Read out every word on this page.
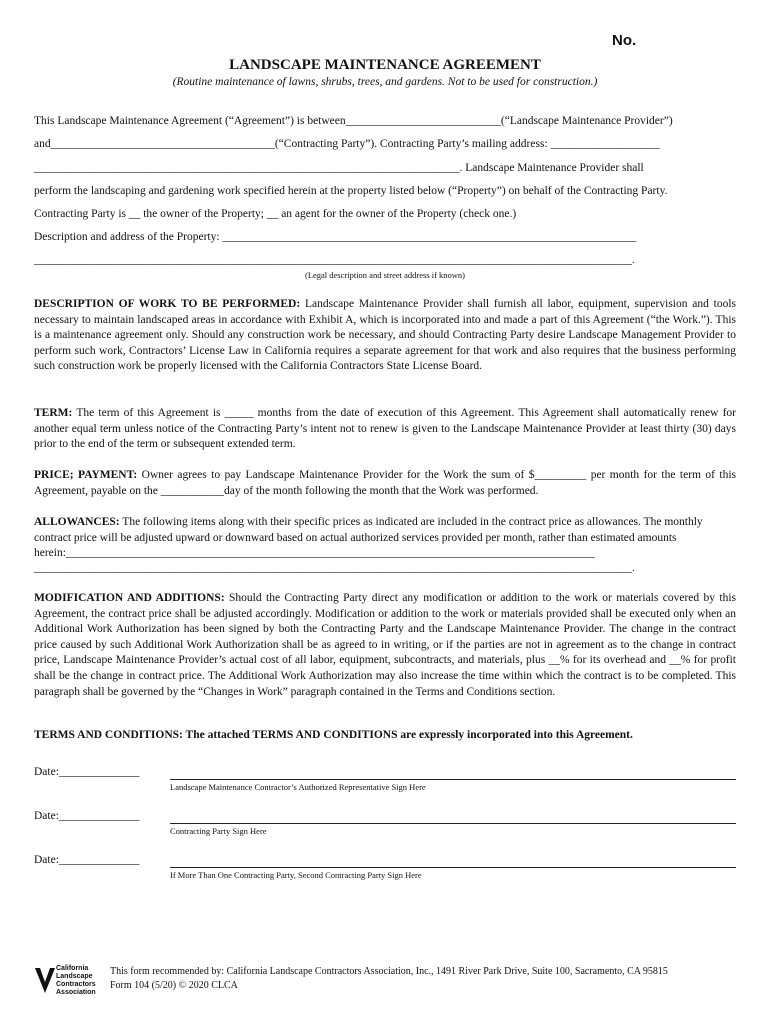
No.
LANDSCAPE MAINTENANCE AGREEMENT
(Routine maintenance of lawns, shrubs, trees, and gardens. Not to be used for construction.)
This Landscape Maintenance Agreement (“Agreement”) is between___________________________(“Landscape Maintenance Provider”)
and_______________________________________(“Contracting Party”). Contracting Party’s mailing address: ___________________
__________________________________________________________________________. Landscape Maintenance Provider shall
perform the landscaping and gardening work specified herein at the property listed below (“Property”) on behalf of the Contracting Party.
Contracting Party is __ the owner of the Property; __ an agent for the owner of the Property (check one.)
Description and address of the Property: ________________________________________________________________________
________________________________________________________________________________________________________.
(Legal description and street address if known)
DESCRIPTION OF WORK TO BE PERFORMED: Landscape Maintenance Provider shall furnish all labor, equipment, supervision and tools necessary to maintain landscaped areas in accordance with Exhibit A, which is incorporated into and made a part of this Agreement (“the Work.”). This is a maintenance agreement only. Should any construction work be necessary, and should Contracting Party desire Landscape Management Provider to perform such work, Contractors’ License Law in California requires a separate agreement for that work and also requires that the business performing such construction work be properly licensed with the California Contractors State License Board.
TERM: The term of this Agreement is _____ months from the date of execution of this Agreement. This Agreement shall automatically renew for another equal term unless notice of the Contracting Party’s intent not to renew is given to the Landscape Maintenance Provider at least thirty (30) days prior to the end of the term or subsequent extended term.
PRICE; PAYMENT: Owner agrees to pay Landscape Maintenance Provider for the Work the sum of $_________ per month for the term of this Agreement, payable on the ___________day of the month following the month that the Work was performed.
ALLOWANCES: The following items along with their specific prices as indicated are included in the contract price as allowances. The monthly contract price will be adjusted upward or downward based on actual authorized services provided per month, rather than estimated amounts herein:____________________________________________________________________________________________
________________________________________________________________________________________________________.
MODIFICATION AND ADDITIONS: Should the Contracting Party direct any modification or addition to the work or materials covered by this Agreement, the contract price shall be adjusted accordingly. Modification or addition to the work or materials provided shall be executed only when an Additional Work Authorization has been signed by both the Contracting Party and the Landscape Maintenance Provider. The change in the contract price caused by such Additional Work Authorization shall be as agreed to in writing, or if the parties are not in agreement as to the change in contract price, Landscape Maintenance Provider’s actual cost of all labor, equipment, subcontracts, and materials, plus __% for its overhead and __% for profit shall be the change in contract price. The Additional Work Authorization may also increase the time within which the contract is to be completed. This paragraph shall be governed by the “Changes in Work” paragraph contained in the Terms and Conditions section.
TERMS AND CONDITIONS: The attached TERMS AND CONDITIONS are expressly incorporated into this Agreement.
Date:______________
Landscape Maintenance Contractor’s Authorized Representative Sign Here
Date:______________
Contracting Party Sign Here
Date:______________
If More Than One Contracting Party, Second Contracting Party Sign Here
California
Landscape
Contractors
Association
This form recommended by: California Landscape Contractors Association, Inc., 1491 River Park Drive, Suite 100, Sacramento, CA 95815
Form 104 (5/20) © 2020 CLCA
